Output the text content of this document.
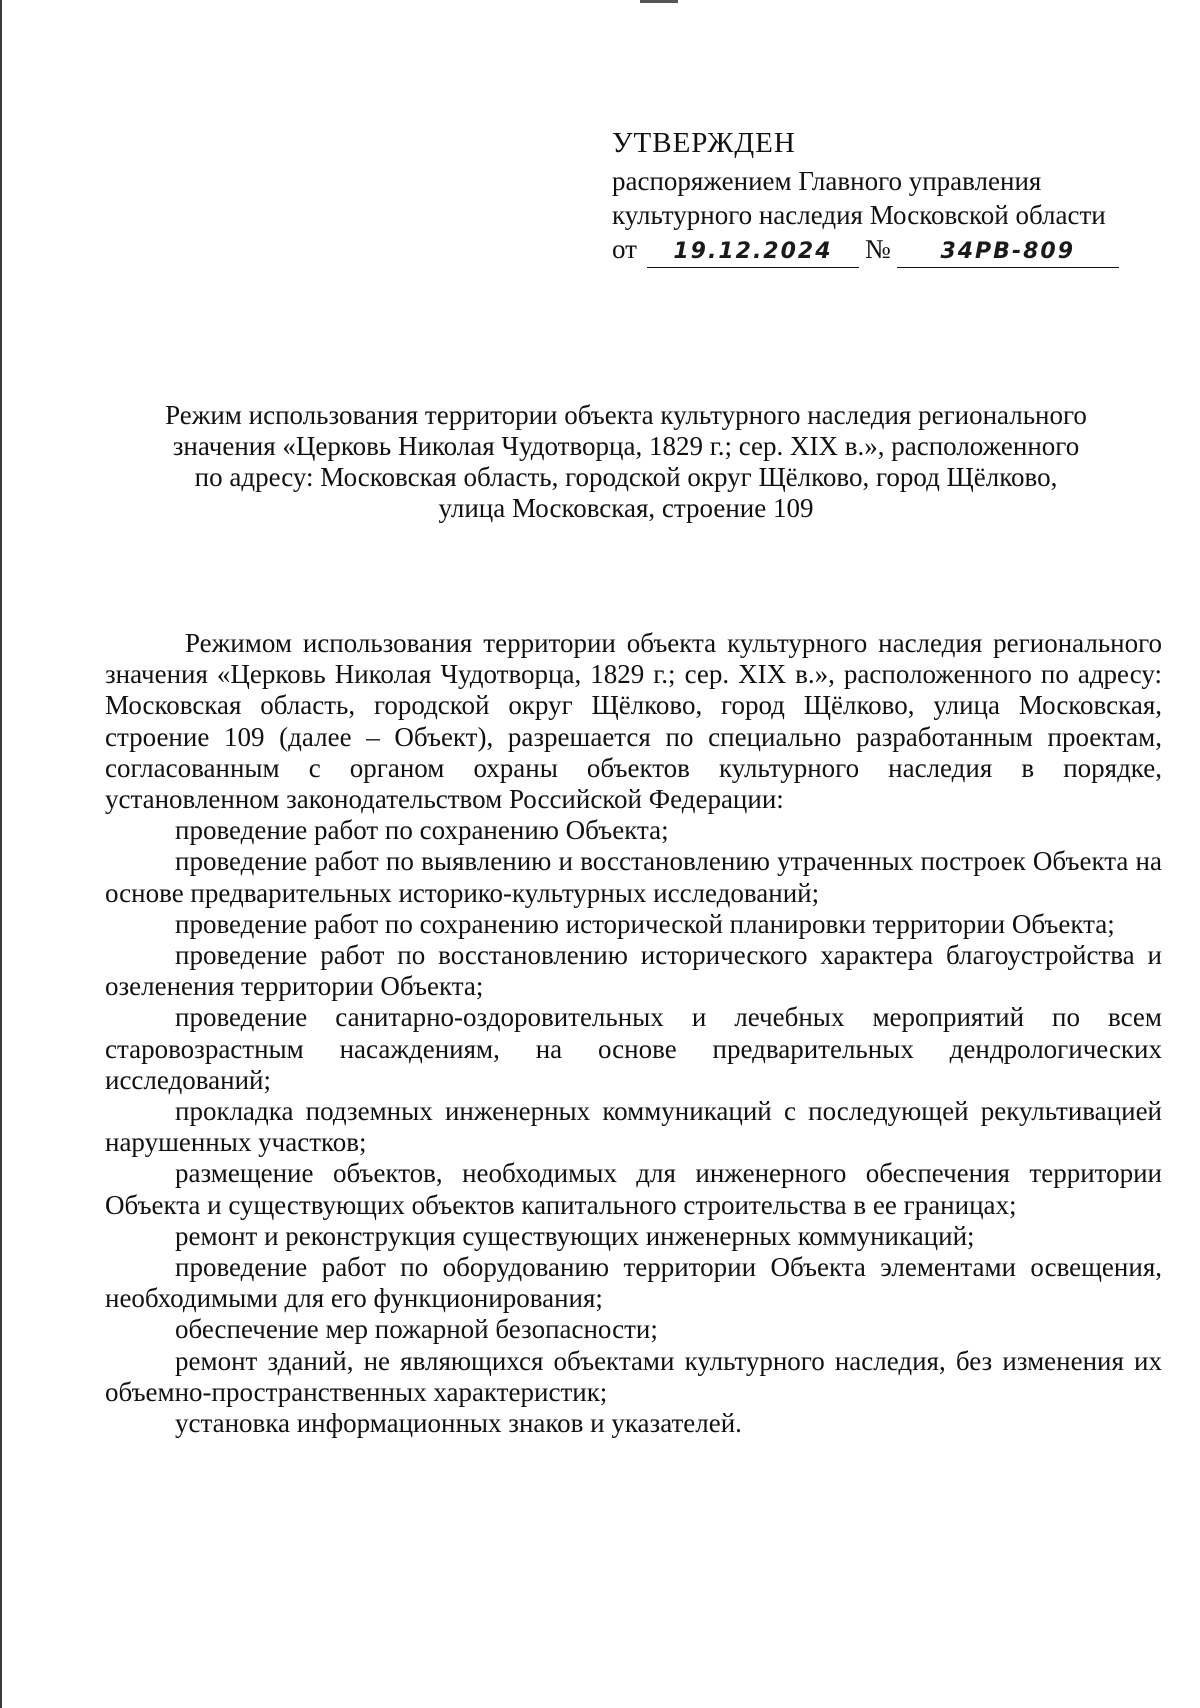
УТВЕРЖДЕН
распоряжением Главного управления
культурного наследия Московской области
от 19.12.2024 № 34РВ-809
Режим использования территории объекта культурного наследия регионального
значения «Церковь Николая Чудотворца, 1829 г.; сер. XIX в.», расположенного
по адресу: Московская область, городской округ Щёлково, город Щёлково,
улица Московская, строение 109

Режимом использования территории объекта культурного наследия регионального значения «Церковь Николая Чудотворца, 1829 г.; сер. XIX в.», расположенного по адресу: Московская область, городской округ Щёлково, город Щёлково, улица Московская, строение 109 (далее – Объект), разрешается по специально разработанным проектам, согласованным с органом охраны объектов культурного наследия в порядке, установленном законодательством Российской Федерации:

проведение работ по сохранению Объекта;

проведение работ по выявлению и восстановлению утраченных построек Объекта на основе предварительных историко-культурных исследований;

проведение работ по сохранению исторической планировки территории Объекта;

проведение работ по восстановлению исторического характера благоустройства и озеленения территории Объекта;

проведение санитарно-оздоровительных и лечебных мероприятий по всем старовозрастным насаждениям, на основе предварительных дендрологических исследований;

прокладка подземных инженерных коммуникаций с последующей рекультивацией нарушенных участков;

размещение объектов, необходимых для инженерного обеспечения территории Объекта и существующих объектов капитального строительства в ее границах;

ремонт и реконструкция существующих инженерных коммуникаций;

проведение работ по оборудованию территории Объекта элементами освещения, необходимыми для его функционирования;

обеспечение мер пожарной безопасности;

ремонт зданий, не являющихся объектами культурного наследия, без изменения их объемно-пространственных характеристик;

установка информационных знаков и указателей.
